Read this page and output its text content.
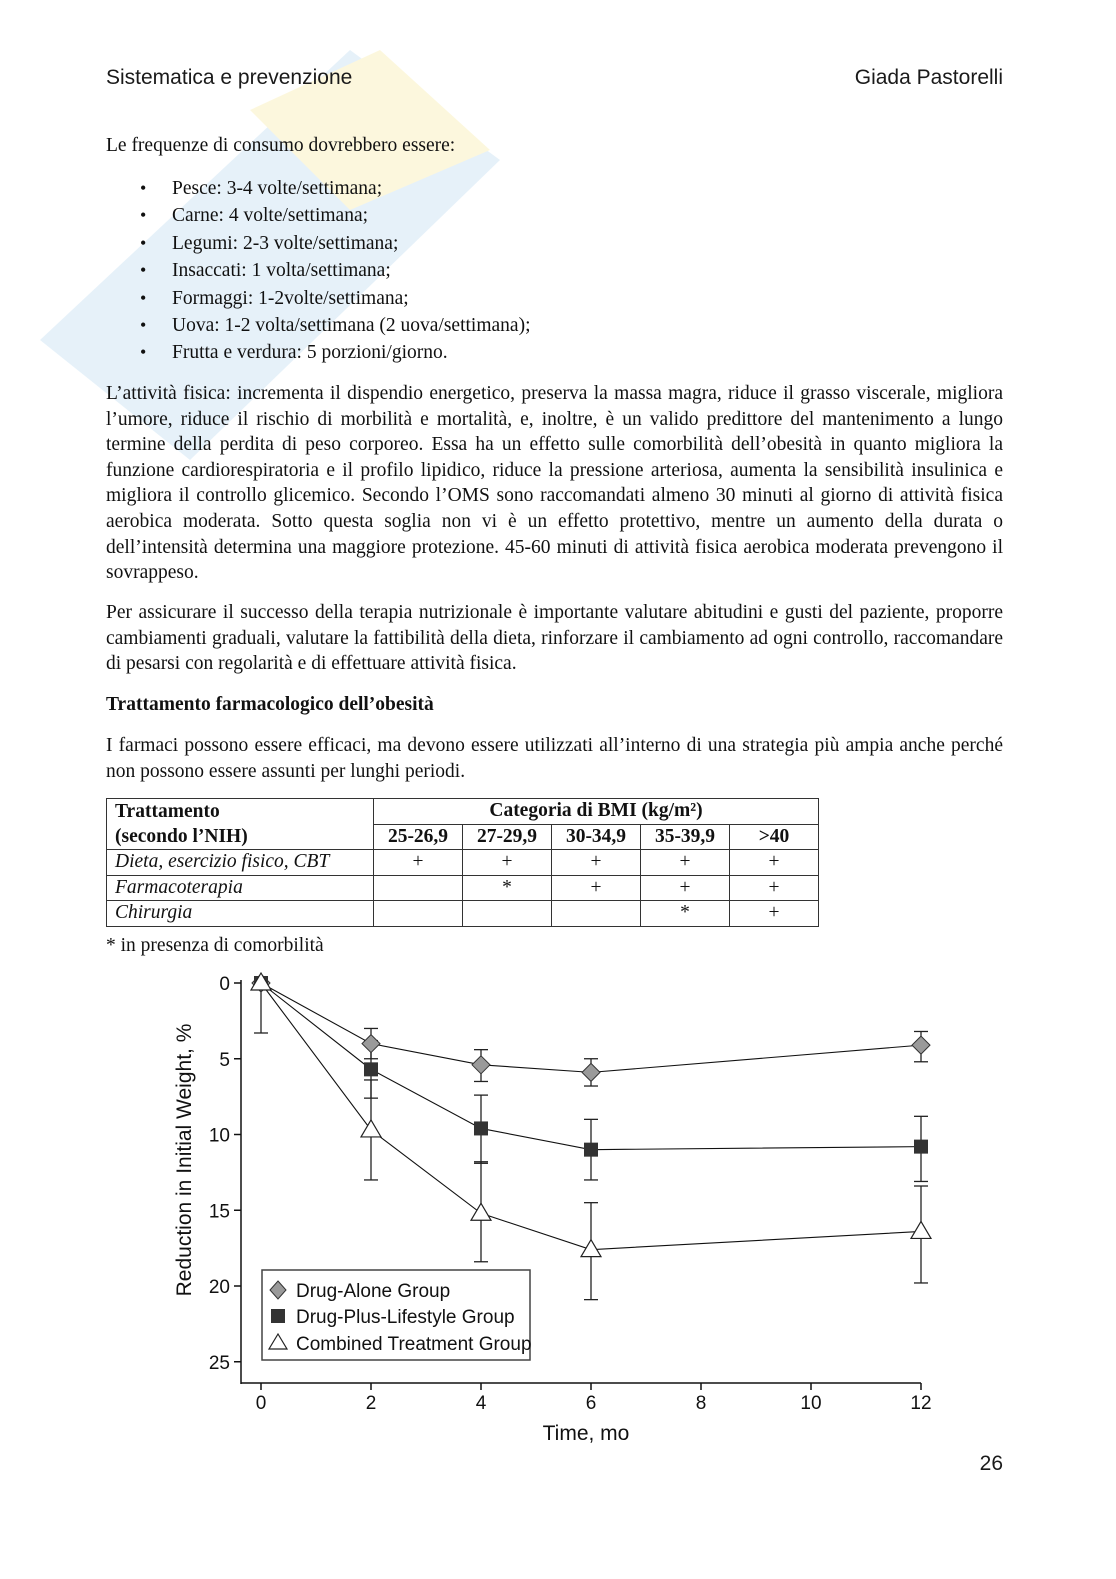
Sistematica e prevenzione	Giada Pastorelli
Le frequenze di consumo dovrebbero essere:
• Pesce: 3-4 volte/settimana;
• Carne: 4 volte/settimana;
• Legumi: 2-3 volte/settimana;
• Insaccati: 1 volta/settimana;
• Formaggi: 1-2volte/settimana;
• Uova: 1-2 volta/settimana (2 uova/settimana);
• Frutta e verdura: 5 porzioni/giorno.
L’attività fisica: incrementa il dispendio energetico, preserva la massa magra, riduce il grasso viscerale, migliora l’umore, riduce il rischio di morbilità e mortalità, e, inoltre, è un valido predittore del mantenimento a lungo termine della perdita di peso corporeo. Essa ha un effetto sulle comorbilità dell’obesità in quanto migliora la funzione cardiorespiratoria e il profilo lipidico, riduce la pressione arteriosa, aumenta la sensibilità insulinica e migliora il controllo glicemico. Secondo l’OMS sono raccomandati almeno 30 minuti al giorno di attività fisica aerobica moderata. Sotto questa soglia non vi è un effetto protettivo, mentre un aumento della durata o dell’intensità determina una maggiore protezione. 45-60 minuti di attività fisica aerobica moderata prevengono il sovrappeso.
Per assicurare il successo della terapia nutrizionale è importante valutare abitudini e gusti del paziente, proporre cambiamenti graduali, valutare la fattibilità della dieta, rinforzare il cambiamento ad ogni controllo, raccomandare di pesarsi con regolarità e di effettuare attività fisica.
Trattamento farmacologico dell’obesità
I farmaci possono essere efficaci, ma devono essere utilizzati all’interno di una strategia più ampia anche perché non possono essere assunti per lunghi periodi.
Trattamento	Categoria di BMI (kg/m²)				
(secondo l’NIH)	25-26,9	27-29,9	30-34,9	35-39,9	>40
Dieta, esercizio fisico, CBT	+	+	+	+	+
Farmacoterapia		*	+	+	+
Chirurgia				*	+
* in presenza di comorbilità
0
5
10
15
20
25
0	2	4	6	8	10	12
Reduction in Initial Weight, %
Time, mo
Drug-Alone Group
Drug-Plus-Lifestyle Group
Combined Treatment Group
26
